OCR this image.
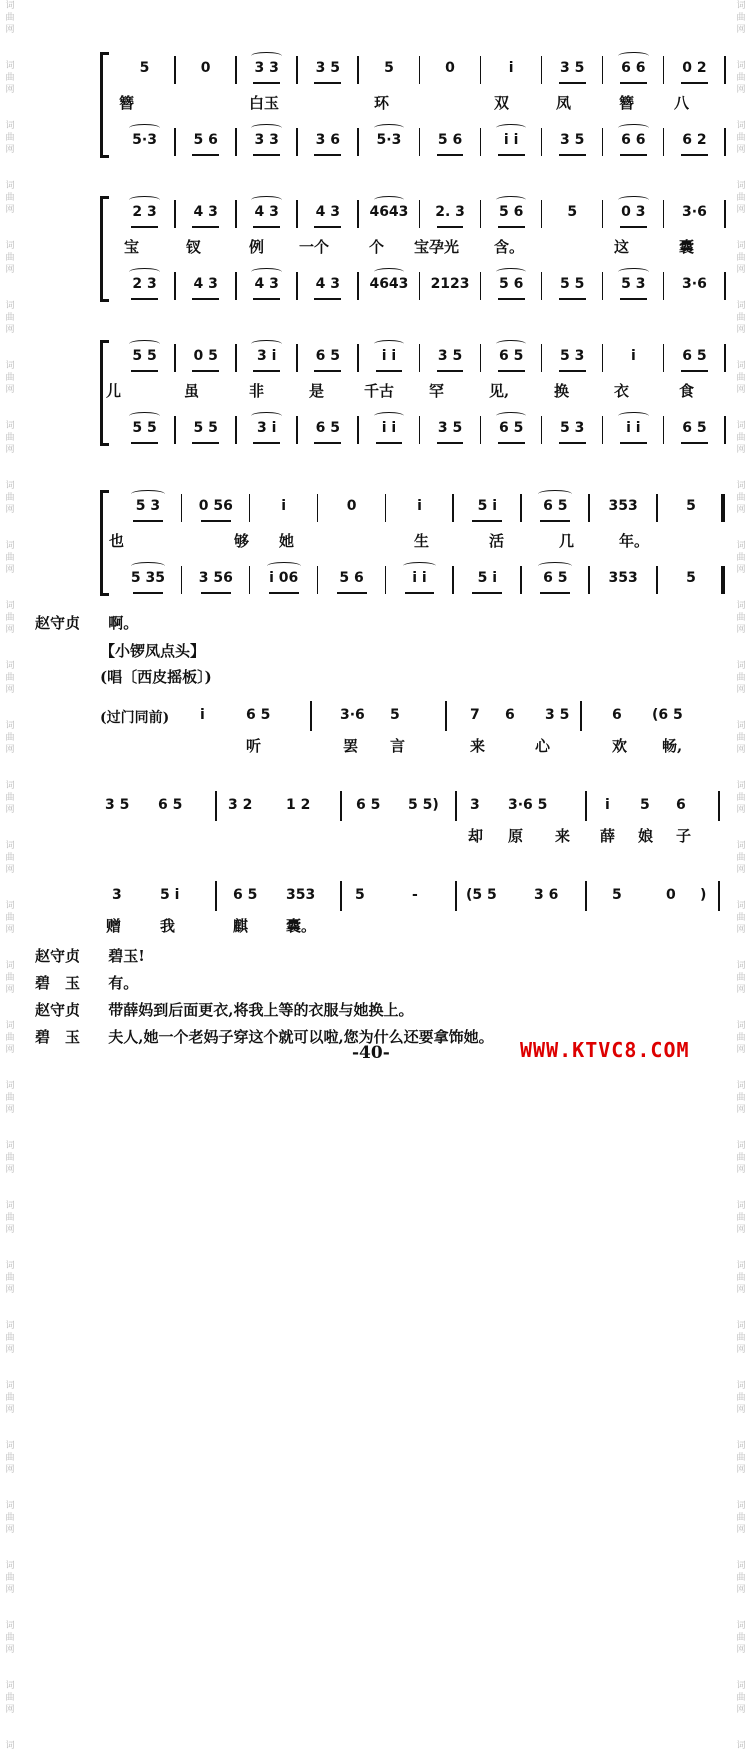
词
曲
网
词
曲
网
词
曲
网
词
曲
网
词
曲
网
词
曲
网
词
曲
网
词
曲
网
词
曲
网
词
曲
网
词
曲
网
词
曲
网
词
曲
网
词
曲
网
词
曲
网
词
曲
网
词
曲
网
词
曲
网
词
曲
网
词
曲
网
词
曲
网
词
曲
网
词
曲
网
词
曲
网
词
曲
网
词
曲
网
词
曲
网
词
曲
网
词
曲
网
词
词
曲
网
词
曲
网
词
曲
网
词
曲
网
词
曲
网
词
曲
网
词
曲
网
词
曲
网
词
曲
网
词
曲
网
词
曲
网
词
曲
网
词
曲
网
词
曲
网
词
曲
网
词
曲
网
词
曲
网
词
曲
网
词
曲
网
词
曲
网
词
曲
网
词
曲
网
词
曲
网
词
曲
网
词
曲
网
词
曲
网
词
曲
网
词
曲
网
词
曲
网
词
5	0	3 3	3 5	5	0	i	3 5	6 6	0 2
簪	白玉	环	双	凤	簪	八
5·3	5 6	3 3	3 6	5·3	5 6	i i	3 5	6 6	6 2
2 3	4 3	4 3	4 3	4643	2. 3	5 6	5	0 3	3·6
宝	钗	例 一个	个 宝孕光 含。	这	囊
2 3	4 3	4 3	4 3	4643	2123	5 6	5 5	5 3	3·6
5 5	0 5	3 i	6 5	i i	3 5	6 5	5 3	i	6 5
儿	虽	非	是	千古 罕	见,	换	衣	食
5 5	5 5	3 i	6 5	i i	3 5	6 5	5 3	i i	6 5
5 3	0 56	i	0	i	5 i	6 5	353	5
也	够 她	生	活	几	年。
5 35	3 56	i 06	5 6	i i	5 i	6 5	353	5
赵守贞 啊。
【小锣凤点头】
(唱〔西皮摇板〕)
(过门同前) i	6 5	3·6 5	7 6 3 5	6 (6 5
听	罢 言	来	心	欢 畅,
3 5 6 5	3 2 1 2	6 5 5 5) 3 3·6 5	i 5 6
却 原 来 薛 娘 子
3	5 i	6 5 353	5	-	(5 5	3 6	5	0 )
赠	我	麒	囊。
赵守贞 碧玉!
碧　玉 有。
赵守贞 带薛妈到后面更衣,将我上等的衣服与她换上。
碧　玉 夫人,她一个老妈子穿这个就可以啦,您为什么还要拿饰她。
-40-	WWW.KTVC8.COM
